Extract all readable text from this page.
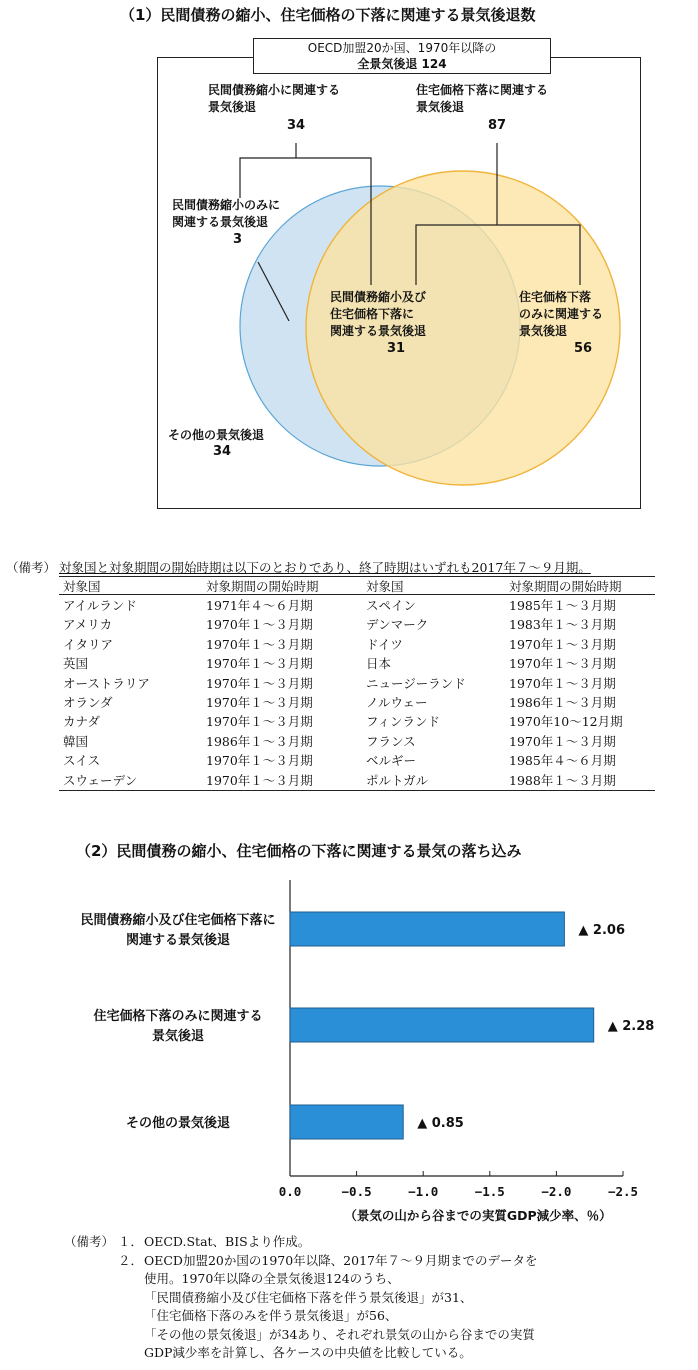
（1）民間債務の縮小、住宅価格の下落に関連する景気後退数
OECD加盟20か国、1970年以降の
全景気後退 124
民間債務縮小に関連する
景気後退
34
住宅価格下落に関連する
景気後退
87
民間債務縮小のみに
関連する景気後退
3
民間債務縮小及び
住宅価格下落に
関連する景気後退
31
住宅価格下落
のみに関連する
景気後退
56
その他の景気後退
34
（備考） 対象国と対象期間の開始時期は以下のとおりであり、終了時期はいずれも2017年７～９月期。
対象国	対象期間の開始時期	対象国	対象期間の開始時期
アイルランド	1971年４～６月期	スペイン	1985年１～３月期
アメリカ	1970年１～３月期	デンマーク	1983年１～３月期
イタリア	1970年１～３月期	ドイツ	1970年１～３月期
英国	1970年１～３月期	日本	1970年１～３月期
オーストラリア	1970年１～３月期	ニュージーランド	1970年１～３月期
オランダ	1970年１～３月期	ノルウェー	1986年１～３月期
カナダ	1970年１～３月期	フィンランド	1970年10～12月期
韓国	1986年１～３月期	フランス	1970年１～３月期
スイス	1970年１～３月期	ベルギー	1985年４～６月期
スウェーデン	1970年１～３月期	ポルトガル	1988年１～３月期
（2）民間債務の縮小、住宅価格の下落に関連する景気の落ち込み
0.0	−0.5	−1.0	−1.5	−2.0	−2.5
（景気の山から谷までの実質GDP減少率、％）
▲ 2.06
民間債務縮小及び住宅価格下落に
関連する景気後退
▲ 2.28
住宅価格下落のみに関連する
景気後退
▲ 0.85
その他の景気後退
（備考） １． OECD.Stat、BISより作成。
２． OECD加盟20か国の1970年以降、2017年７～９月期までのデータを
使用。1970年以降の全景気後退124のうち、
「民間債務縮小及び住宅価格下落を伴う景気後退」が31、
「住宅価格下落のみを伴う景気後退」が56、
「その他の景気後退」が34あり、それぞれ景気の山から谷までの実質
GDP減少率を計算し、各ケースの中央値を比較している。
